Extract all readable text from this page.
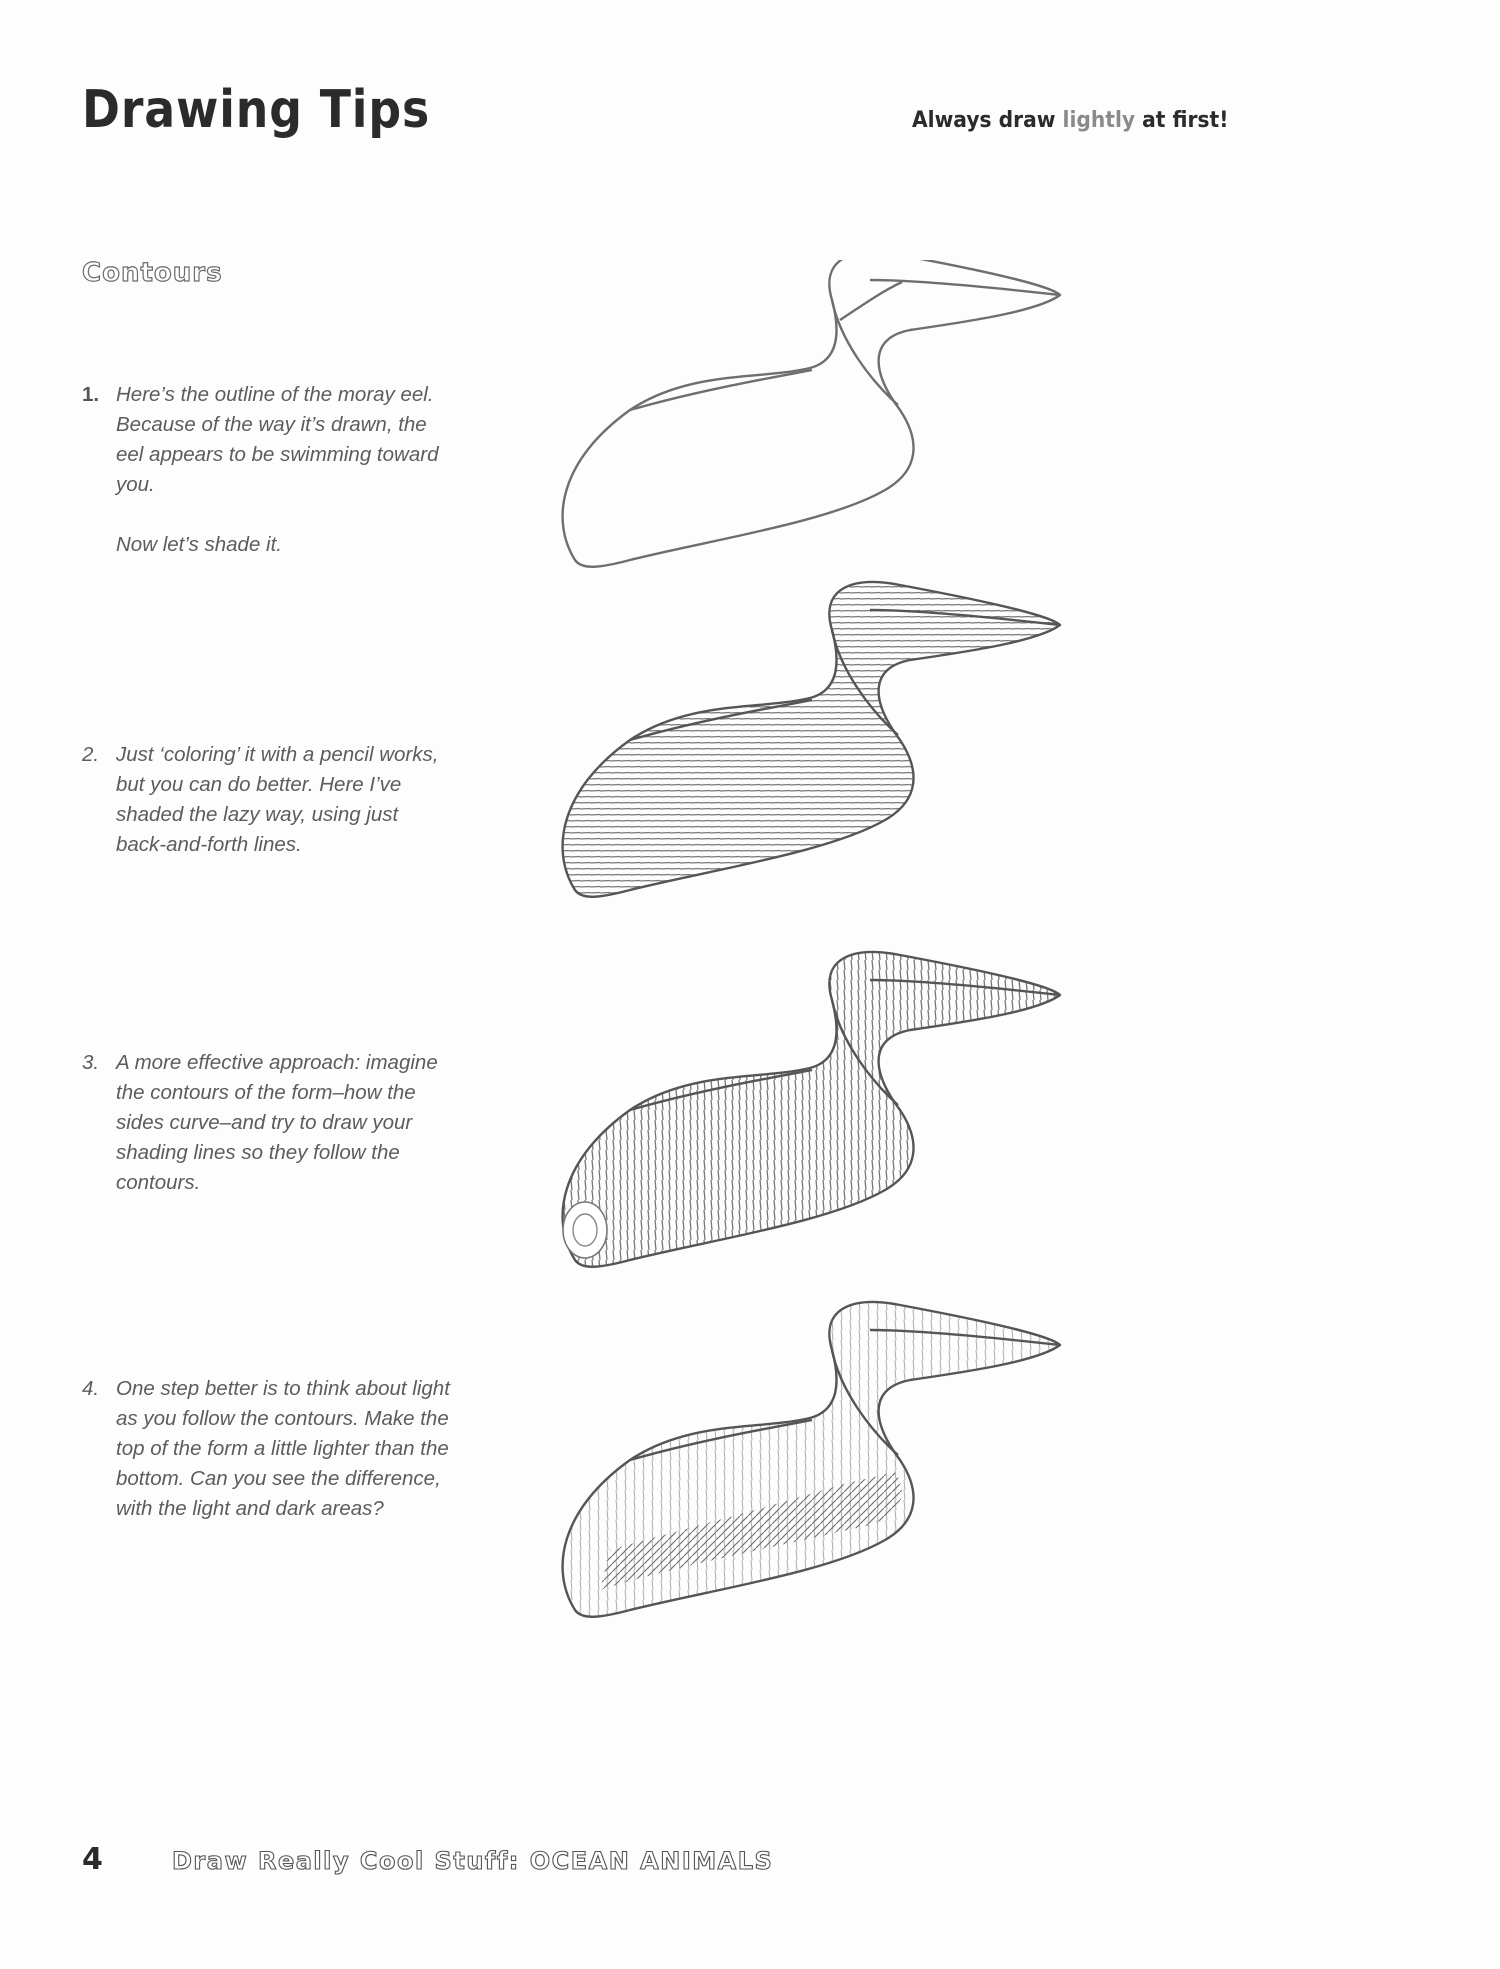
Drawing Tips	Always draw lightly at first!
Contours
1. Here’s the outline of the moray eel. Because of the way it’s drawn, the eel appears to be swimming toward you.

Now let’s shade it.

2. Just ‘coloring’ it with a pencil works, but you can do better. Here I’ve shaded the lazy way, using just back-and-forth lines.

3. A more effective approach: imagine the contours of the form–how the sides curve–and try to draw your shading lines so they follow the contours.

4. One step better is to think about light as you follow the contours. Make the top of the form a little lighter than the bottom. Can you see the difference, with the light and dark areas?

4	Draw Really Cool Stuff: OCEAN ANIMALS
